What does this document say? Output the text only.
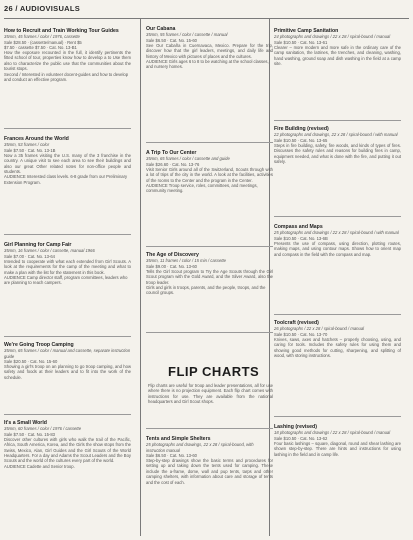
26 / AUDIOVISUALS
How to Recruit and Train Working Tour Guides
35mm, 45 frames / color / 1976, cassette
Sale $28.50 · (cassette/manual) · Rent $5
$7.50 · cassette $7.50 · Cat. No. 13-B1
How the exposure recounted in the full, it identify pertinents the fitted school of tour, properties know how to develop a to Use them also to characterize the public use that the communities about the tourist stops.
Second / Interested in volunteer docent-guides and how to develop and conduct an effective program.
Frances Around the World
35mm, 53 frames / color
Sale $7.50 · Cat. No. 13-1B
Now a 35 frames visiting the U.S. many of the 3 franchise in the country. A unique visit to see each area to see their buildings and also our great Other related notes for non-office people and students.
AUDIENCE Interested class levels. 6-8 grade from our Preliminary Extension Program.
Girl Planning for Camp Fair
35mm, 16 frames / color / cassette, manual 1966
Sale $7.00 · Cat. No. 13-64
Intended to cooperate with what each extended from Girl Scouts. A look at the requirements for the camp of the meeting and what to make a plan with the list for the statement in this book.
AUDIENCE Camp director staff, program committees, leaders who are planning to reach campers.
We're Going Troop Camping
35mm, 65 frames / color / manual and cassette, separate instruction guide
Sale $20.50 · Cat. No. 15-60
Showing a girl's troop on an planning to go troop camping, and how safety and foods at their leaders and to fit into the work of the schedule.
It's a Small World
35mm, 60 frames / color / 1976 / cassette
Sale $7.50 · Cat. No. 15-83
Discover other cultures with girls who walk the trail of the Pacific, Africa, South America, Korea, and the Girls the show stops from the Swiss, Mexico, Alan, Girl Guides and the Girl Scouts of the World Headquarters. For a day and Adams the Scout Leaders and the Boy Scouts and the world of the cultures every part of the world.
AUDIENCE Cadette and Senior troop.
Our Cabana
35mm, 55 frames / color / cassette / manual
Sale $6.50 · Cat. No. 15-60
See Our Cabaña in Cuernavaca, Mexico. Prepare for the trip, discover how that the girl leaders, meetings, and daily life and history of Mexico with pictures of places and the cultures.
AUDIENCE Girls ages 6 to 8 to be watching at the school classes, and nursery homes.
A Trip To Our Center
35mm, 65 frames / color / cassette and guide
Sale $26.60 · Cat. No. 13-76
Visit Senior Girls around all of the Switzerland, Scouts through with a lot of trips of the city in the world. A look at the facilities, activities of the rooms to the Center and the program in the Center.
AUDIENCE Troop service, roles, committees, and meetings, community meeting.
The Age of Discovery
35mm, 11 frames / color / 15 min / cassette
Sale $9.00 · Cat. No. 13-60
Tells the Girl Scout program to Try the Age Scouts through the Girl Scout program with the Gold Award, and the Silver Award, also the troop leader.
Girls and girls in troops, parents, and the people, troops, and the council groups.
Tents and Simple Shelters
25 photographs and drawings, 22 x 28 / spiral-bound, with instruction manual
Sale $6.50 · Cat. No. 13-60
Step-by-step drawings show the basic terms and procedures for setting up and taking down the tents used for camping. These include the a-frame, dome, wall and pup tents, tarps and other camping shelters, with information about care and storage of tents and the cost of each.
FLIP CHARTS
Flip charts are useful for troop and leader presentations, all for use where there is no projection equipment. Each flip chart comes with instructions for use. They are available from the national headquarters and Girl Scout shops.
Primitive Camp Sanitation
24 photographs and drawings / 22 x 28 / spiral-bound / manual
Sale $10.50 · Cat. No. 13-61
Clearer – more modern and more safe in the ordinary care of the camp sanitation, the latrines, the trenches, and cleaning, washing, hand washing, ground soap and dish washing in the field at a camp site.
Fire Building (revised)
22 photographs and drawings, 22 x 28 / spiral-bound / with manual
Sale $10.50 · Cat. No. 13-65
Steps in fire building, safety, fire woods, and kinds of types of fires. Discusses the safety rules and reasons for building fires in camp, equipment needed, and what is done with the fire, and putting it out safely.
Compass and Maps
25 photographs and drawings / 22 x 28 / spiral-bound / with manual
Sale $10.50 · Cat. No. 13-6B
Presents the use of compass, using direction, plotting routes, making maps, and using contour maps. Shows how to orient map and compass in the field with the compass and map.
Toolcraft (revised)
26 photographs / 22 x 28 / spiral-bound / manual
Sale $10.50 · Cat. No. 13-70
Knives, saws, axes and hatchets – properly choosing, using, and caring for tools. Includes the safety rules for using them and showing good methods for cutting, sharpening, and splitting of wood, with storing instructions.
Lashing (revised)
18 photographs and drawings / 22 x 28 / spiral-bound / manual
Sale $10.50 · Cat. No. 13-62
Four basic lashings – square, diagonal, round and shear lashing are shown step-by-step. There are hints and instructions for using lashing in the field and in camp life.
